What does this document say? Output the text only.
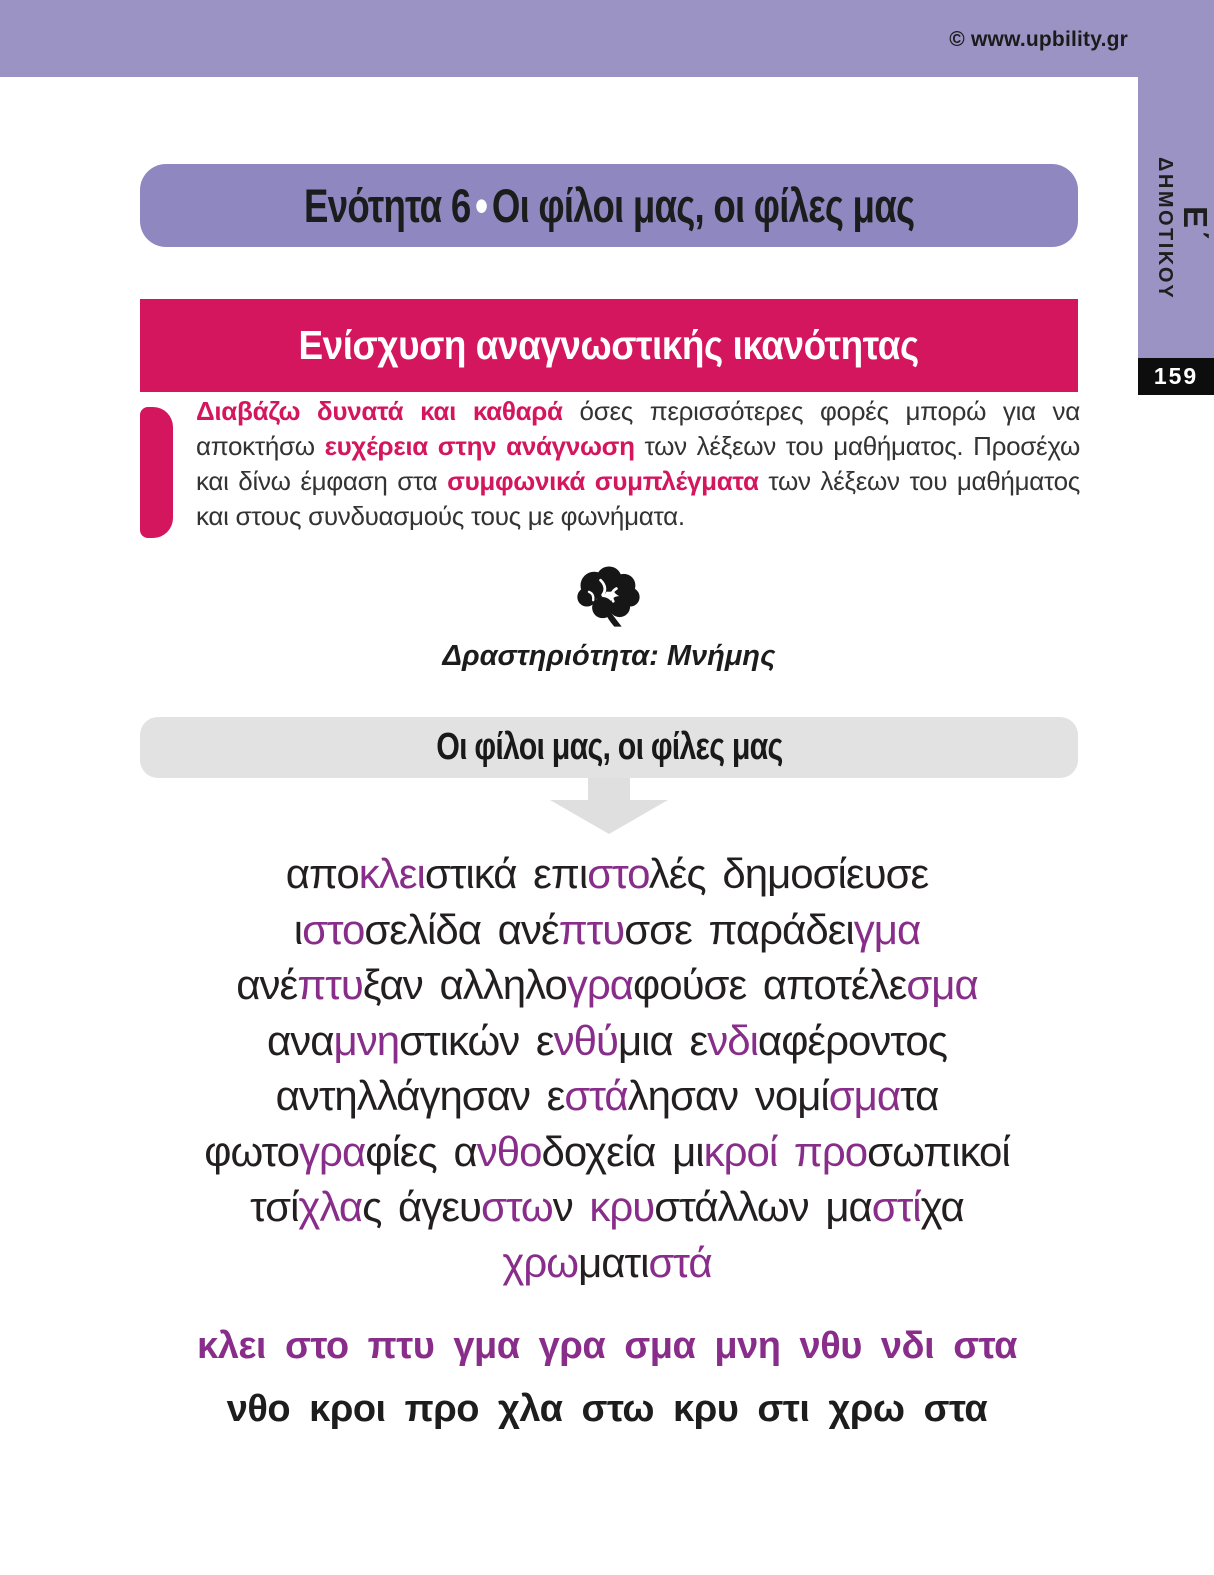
© www.upbility.gr
Ε΄
ΔΗΜΟΤΙΚΟΥ
159
Ενότητα 6•Οι φίλοι μας, οι φίλες μας
Ενίσχυση αναγνωστικής ικανότητας

Διαβάζω δυνατά και καθαρά όσες περισσότερες φορές μπορώ για να αποκτήσω ευχέρεια στην ανάγνωση των λέξεων του μαθήματος. Προσέχω και δίνω έμφαση στα συμφωνικά συμπλέγματα των λέξεων του μαθήματος και στους συνδυασμούς τους με φωνήματα.

Δραστηριότητα: Μνήμης
Οι φίλοι μας, οι φίλες μας
αποκλειστικά επιστολές δημοσίευσε
ιστοσελίδα ανέπτυσσε παράδειγμα
ανέπτυξαν αλληλογραφούσε αποτέλεσμα
αναμνηστικών ενθύμια ενδιαφέροντος
αντηλλάγησαν εστάλησαν νομίσματα
φωτογραφίες ανθοδοχεία μικροί προσωπικοί
τσίχλας άγευστων κρυστάλλων μαστίχα
χρωματιστά
κλει στο πτυ γμα γρα σμα μνη νθυ νδι στα
νθο κροι προ χλα στω κρυ στι χρω στα
